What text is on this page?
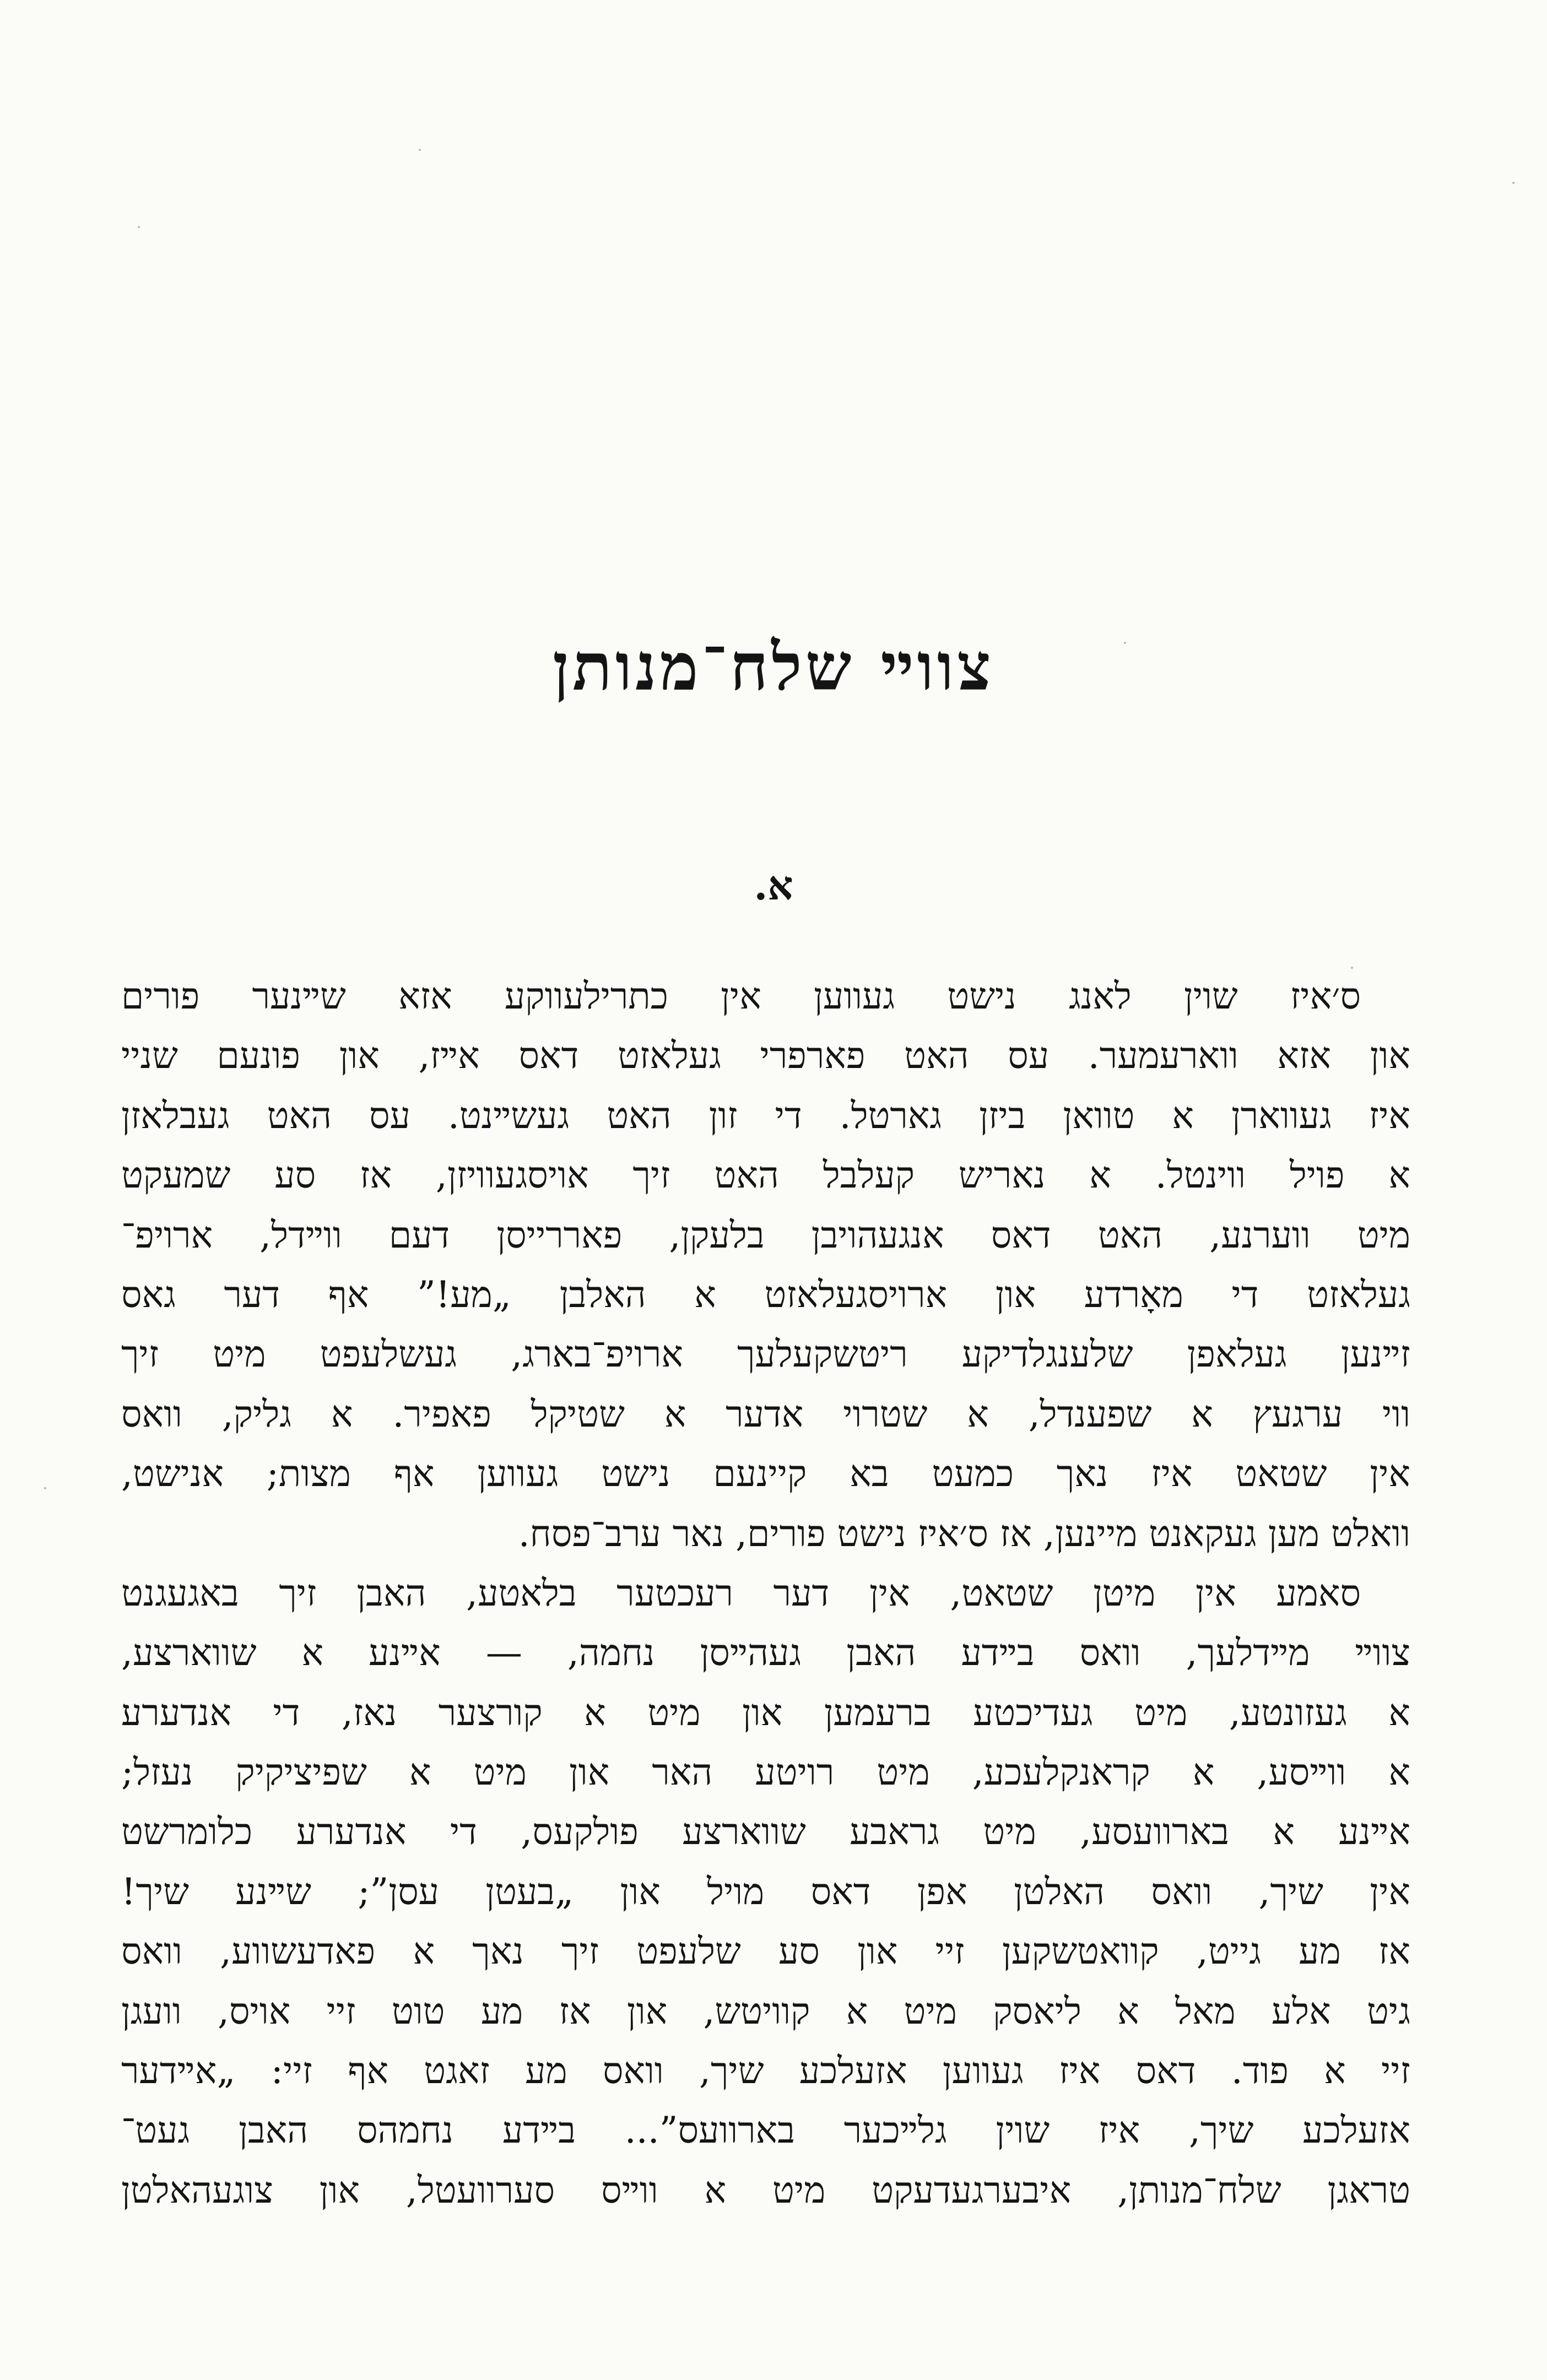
צווײ שלח־מנותן
א.
ס׳איז שוין לאנג נישט געווען אין כתרילעווקע אזא שײנער פורים
און אזא ווארעמער. עס האט פארפרי געלאזט דאס אײז, און פונעם שניי
איז געווארן א טוואן ביזן גארטל. די זון האט געשײנט. עס האט געבלאזן
א פויל ווינטל. א נאריש קעלבל האט זיך אויסגעוויזן, אז סע שמעקט
מיט ווערנע, האט דאס אנגעהויבן בלעקן, פאררייסן דעם ווײדל, ארויפ־
געלאזט די מאָרדע און ארויסגעלאזט א האלבן „מע!” אף דער גאס
זײנען געלאפן שלענגלדיקע ריטשקעלעך ארויפ־בארג, געשלעפט מיט זיך
ווי ערגעץ א שפענדל, א שטרוי אדער א שטיקל פאפיר. א גליק, וואס
אין שטאט איז נאך כמעט בא קיינעם נישט געווען אף מצות; אנישט,
וואלט מען געקאנט מיינען, אז ס׳איז נישט פורים, נאר ערב־פסח.
סאמע אין מיטן שטאט, אין דער רעכטער בלאטע, האבן זיך באגעגנט
צווײ מײדלעך, וואס בײדע האבן געהײסן נחמה, — אײנע א שווארצע,
א געזונטע, מיט געדיכטע ברעמען און מיט א קורצער נאז, די אנדערע
א ווײסע, א קראנקלעכע, מיט רויטע האר און מיט א שפיציקיק נעזל;
אײנע א בארוועסע, מיט גראבע שווארצע פולקעס, די אנדערע כלומרשט
אין שיך, וואס האלטן אפן דאס מויל און „בעטן עסן”; שײנע שיך!
אז מע גייט, קוואטשקען זיי און סע שלעפט זיך נאך א פאדעשווע, וואס
גיט אלע מאל א ליאסק מיט א קוויטש, און אז מע טוט זיי אויס, וועגן
זיי א פוד. דאס איז געווען אזעלכע שיך, וואס מע זאגט אף זיי: „אײדער
אזעלכע שיך, איז שוין גלײכער בארוועס”... בײדע נחמהס האבן געט־
טראגן שלח־מנותן, איבערגעדעקט מיט א ווײס סערוועטל, און צוגעהאלטן
